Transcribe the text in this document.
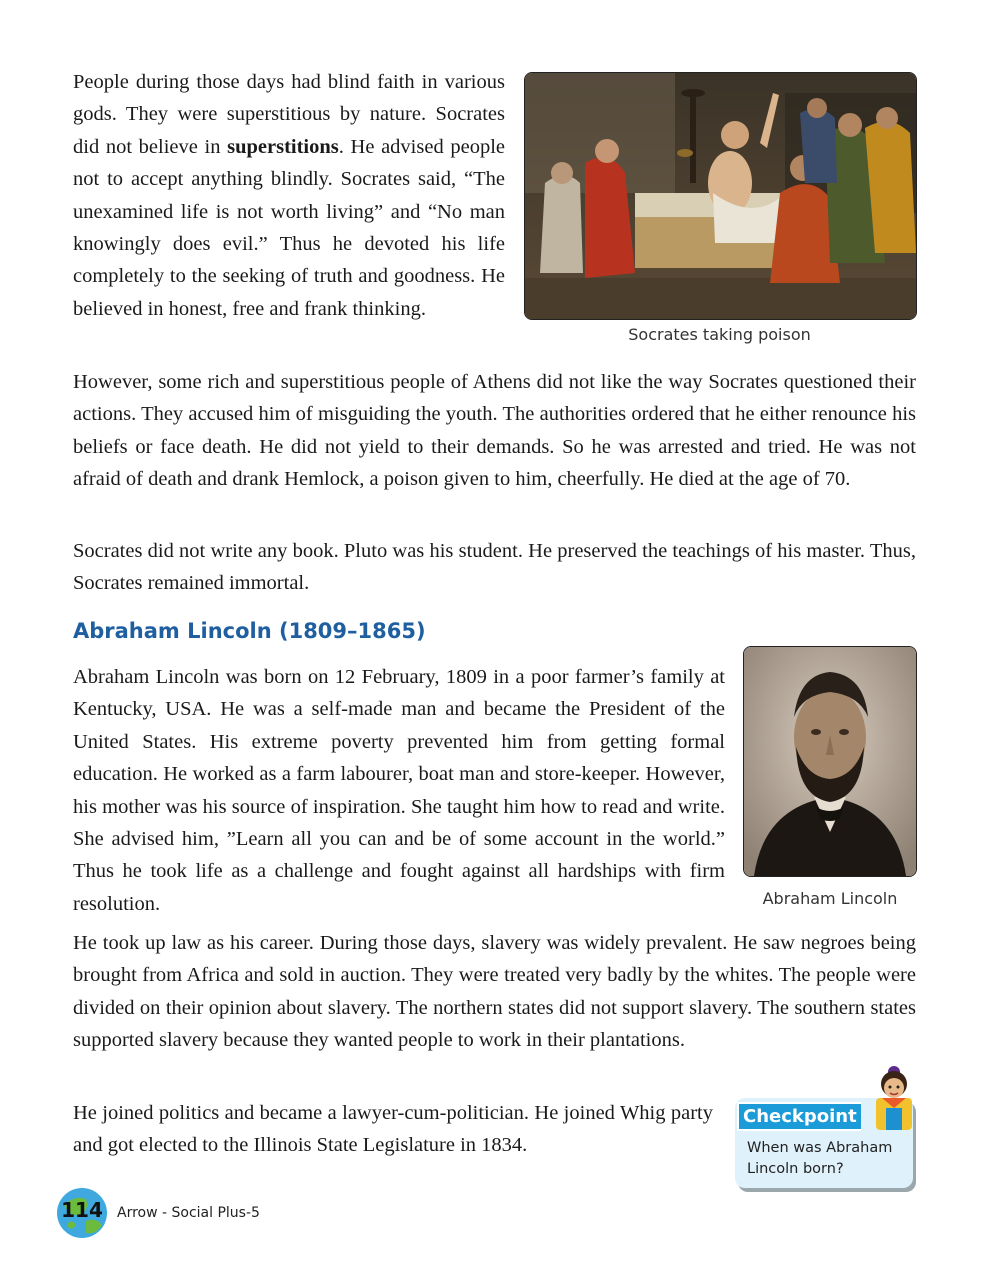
People during those days had blind faith in various gods. They were superstitious by nature. Socrates did not believe in superstitions. He advised people not to accept anything blindly. Socrates said, “The unexamined life is not worth living” and “No man knowingly does evil.” Thus he devoted his life completely to the seeking of truth and goodness. He believed in honest, free and frank thinking.

Socrates taking poison

However, some rich and superstitious people of Athens did not like the way Socrates questioned their actions. They accused him of misguiding the youth. The authorities ordered that he either renounce his beliefs or face death. He did not yield to their demands. So he was arrested and tried. He was not afraid of death and drank Hemlock, a poison given to him, cheerfully. He died at the age of 70.

Socrates did not write any book. Pluto was his student. He preserved the teachings of his master. Thus, Socrates remained immortal.

Abraham Lincoln (1809–1865)

Abraham Lincoln was born on 12 February, 1809 in a poor farmer’s family at Kentucky, USA. He was a self-made man and became the President of the United States. His extreme poverty prevented him from getting formal education. He worked as a farm labourer, boat man and store-keeper. However, his mother was his source of inspiration. She taught him how to read and write. She advised him, ”Learn all you can and be of some account in the world.” Thus he took life as a challenge and fought against all hardships with firm resolution.	Abraham Lincoln

He took up law as his career. During those days, slavery was widely prevalent. He saw negroes being brought from Africa and sold in auction. They were treated very badly by the whites. The people were divided on their opinion about slavery. The northern states did not support slavery. The southern states supported slavery because they wanted people to work in their plantations.

He joined politics and became a lawyer-cum-politician. He joined Whig party and got elected to the Illinois State Legislature in 1834.

Checkpoint

When was Abraham Lincoln born?

114	Arrow - Social Plus-5
